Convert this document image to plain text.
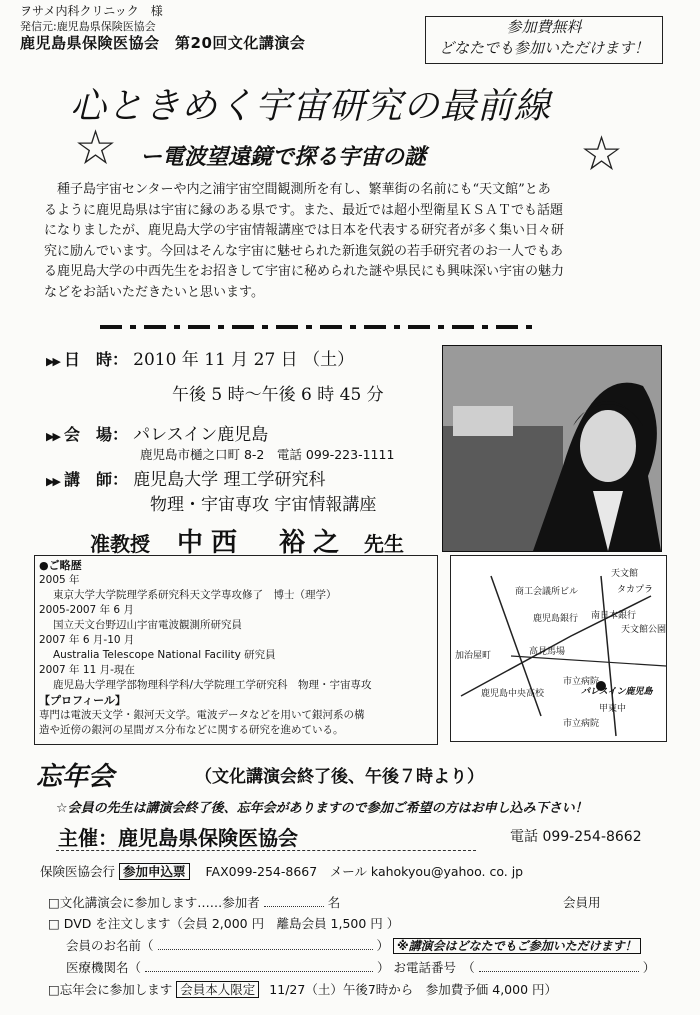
ヲサメ内科クリニック　様
発信元:鹿児島県保険医協会
鹿児島県保険医協会　第20回文化講演会
参加費無料
どなたでも参加いただけます！
心ときめく宇宙研究の最前線
☆	☆
ー電波望遠鏡で探る宇宙の謎
種子島宇宙センターや内之浦宇宙空間観測所を有し、繁華街の名前にも“天文館”とあ
るように鹿児島県は宇宙に縁のある県です。また、最近では超小型衛星ＫＳＡＴでも話題
になりましたが、鹿児島大学の宇宙情報講座では日本を代表する研究者が多く集い日々研
究に励んでいます。今回はそんな宇宙に魅せられた新進気鋭の若手研究者のお一人でもあ
る鹿児島大学の中西先生をお招きして宇宙に秘められた謎や県民にも興味深い宇宙の魅力
などをお話いただきたいと思います。
▶▶ 日　時： 2010 年 11 月 27 日 （土）
午後 5 時〜午後 6 時 45 分
▶▶ 会　場： パレスイン鹿児島
鹿児島市樋之口町 8-2　電話 099-223-1111
▶▶ 講　師： 鹿児島大学 理工学研究科
物理・宇宙専攻 宇宙情報講座
准教授 中西　裕之 先生
●ご略歴
2005 年
東京大学大学院理学系研究科天文学専攻修了　博士（理学）
2005-2007 年 6 月
国立天文台野辺山宇宙電波観測所研究員
2007 年 6 月-10 月
Australia Telescope National Facility 研究員
2007 年 11 月-現在
鹿児島大学理学部物理科学科/大学院理工学研究科　物理・宇宙専攻
【プロフィール】
専門は電波天文学・銀河天文学。電波データなどを用いて銀河系の構
造や近傍の銀河の星間ガス分布などに関する研究を進めている。
天文館
タカプラ
商工会議所ビル
鹿児島銀行 南日本銀行
天文館公園
加治屋町	高見馬場
鹿児島中央高校
市立病院
パレスイン鹿児島
甲東中
市立病院
忘年会	（文化講演会終了後、午後７時より）
☆会員の先生は講演会終了後、忘年会がありますので参加ご希望の方はお申し込み下さい！
主催：鹿児島県保険医協会	電話 099-254-8662
保険医協会行 参加申込票 FAX099-254-8667　メール kahokyou@yahoo. co. jp
□文化講演会に参加します……参加者	名	会員用
□ DVD を注文します（会員 2,000 円　離島会員 1,500 円 ）
会員のお名前（	） ※講演会はどなたでもご参加いただけます！
医療機関名（	） お電話番号　（	）
□忘年会に参加します 会員本人限定 11/27（土）午後7時から　参加費予価 4,000 円）
